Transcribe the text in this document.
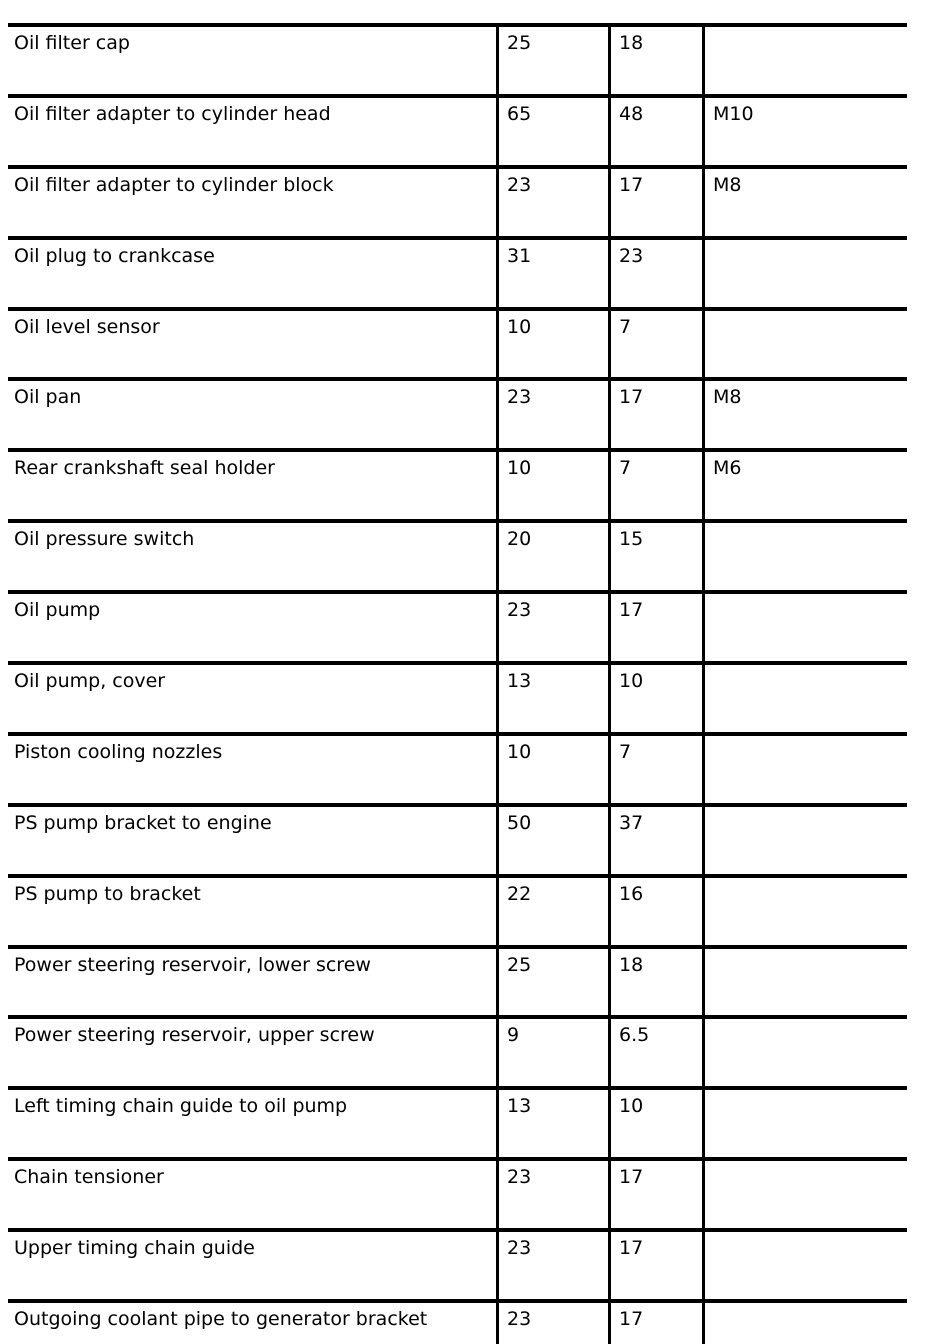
Oil filter cap	25	18
Oil filter adapter to cylinder head	65	48	M10
Oil filter adapter to cylinder block	23	17	M8
Oil plug to crankcase	31	23
Oil level sensor	10	7
Oil pan	23	17	M8
Rear crankshaft seal holder	10	7	M6
Oil pressure switch	20	15
Oil pump	23	17
Oil pump, cover	13	10
Piston cooling nozzles	10	7
PS pump bracket to engine	50	37
PS pump to bracket	22	16
Power steering reservoir, lower screw	25	18
Power steering reservoir, upper screw	9	6.5
Left timing chain guide to oil pump	13	10
Chain tensioner	23	17
Upper timing chain guide	23	17
Outgoing coolant pipe to generator bracket	23	17
